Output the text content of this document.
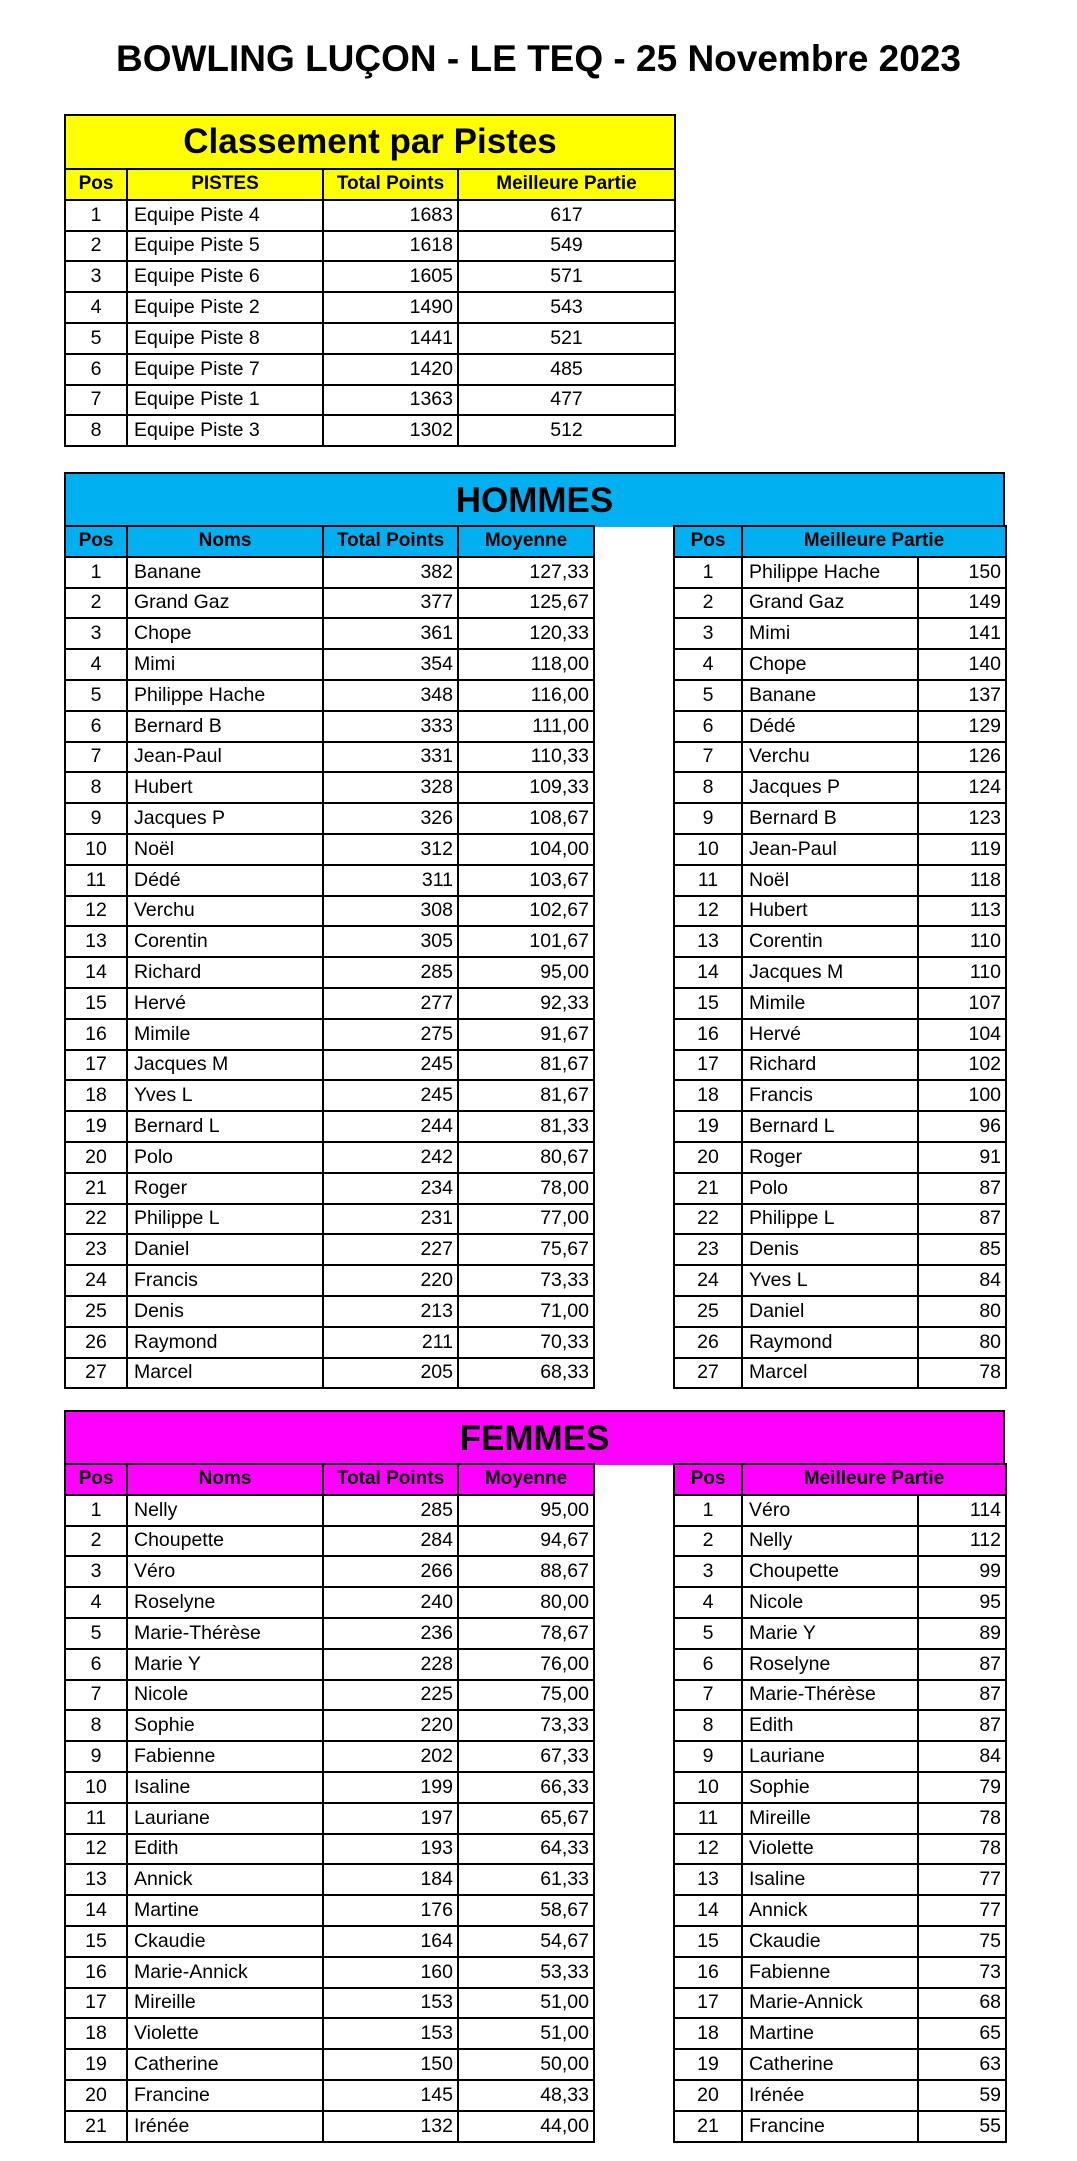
BOWLING LUÇON - LE TEQ - 25 Novembre 2023
Classement par Pistes			
Pos	PISTES	Total Points	Meilleure Partie
1	Equipe Piste 4	1683	617
2	Equipe Piste 5	1618	549
3	Equipe Piste 6	1605	571
4	Equipe Piste 2	1490	543
5	Equipe Piste 8	1441	521
6	Equipe Piste 7	1420	485
7	Equipe Piste 1	1363	477
8	Equipe Piste 3	1302	512
HOMMES
Pos	Noms	Total Points	Moyenne
1	Banane	382	127,33
2	Grand Gaz	377	125,67
3	Chope	361	120,33
4	Mimi	354	118,00
5	Philippe Hache	348	116,00
6	Bernard B	333	111,00
7	Jean-Paul	331	110,33
8	Hubert	328	109,33
9	Jacques P	326	108,67
10	Noël	312	104,00
11	Dédé	311	103,67
12	Verchu	308	102,67
13	Corentin	305	101,67
14	Richard	285	95,00
15	Hervé	277	92,33
16	Mimile	275	91,67
17	Jacques M	245	81,67
18	Yves L	245	81,67
19	Bernard L	244	81,33
20	Polo	242	80,67
21	Roger	234	78,00
22	Philippe L	231	77,00
23	Daniel	227	75,67
24	Francis	220	73,33
25	Denis	213	71,00
26	Raymond	211	70,33
27	Marcel	205	68,33
Pos	Meilleure Partie	
1	Philippe Hache	150
2	Grand Gaz	149
3	Mimi	141
4	Chope	140
5	Banane	137
6	Dédé	129
7	Verchu	126
8	Jacques P	124
9	Bernard B	123
10	Jean-Paul	119
11	Noël	118
12	Hubert	113
13	Corentin	110
14	Jacques M	110
15	Mimile	107
16	Hervé	104
17	Richard	102
18	Francis	100
19	Bernard L	96
20	Roger	91
21	Polo	87
22	Philippe L	87
23	Denis	85
24	Yves L	84
25	Daniel	80
26	Raymond	80
27	Marcel	78
FEMMES
Pos	Noms	Total Points	Moyenne
1	Nelly	285	95,00
2	Choupette	284	94,67
3	Véro	266	88,67
4	Roselyne	240	80,00
5	Marie-Thérèse	236	78,67
6	Marie Y	228	76,00
7	Nicole	225	75,00
8	Sophie	220	73,33
9	Fabienne	202	67,33
10	Isaline	199	66,33
11	Lauriane	197	65,67
12	Edith	193	64,33
13	Annick	184	61,33
14	Martine	176	58,67
15	Ckaudie	164	54,67
16	Marie-Annick	160	53,33
17	Mireille	153	51,00
18	Violette	153	51,00
19	Catherine	150	50,00
20	Francine	145	48,33
21	Irénée	132	44,00
Pos	Meilleure Partie	
1	Véro	114
2	Nelly	112
3	Choupette	99
4	Nicole	95
5	Marie Y	89
6	Roselyne	87
7	Marie-Thérèse	87
8	Edith	87
9	Lauriane	84
10	Sophie	79
11	Mireille	78
12	Violette	78
13	Isaline	77
14	Annick	77
15	Ckaudie	75
16	Fabienne	73
17	Marie-Annick	68
18	Martine	65
19	Catherine	63
20	Irénée	59
21	Francine	55
